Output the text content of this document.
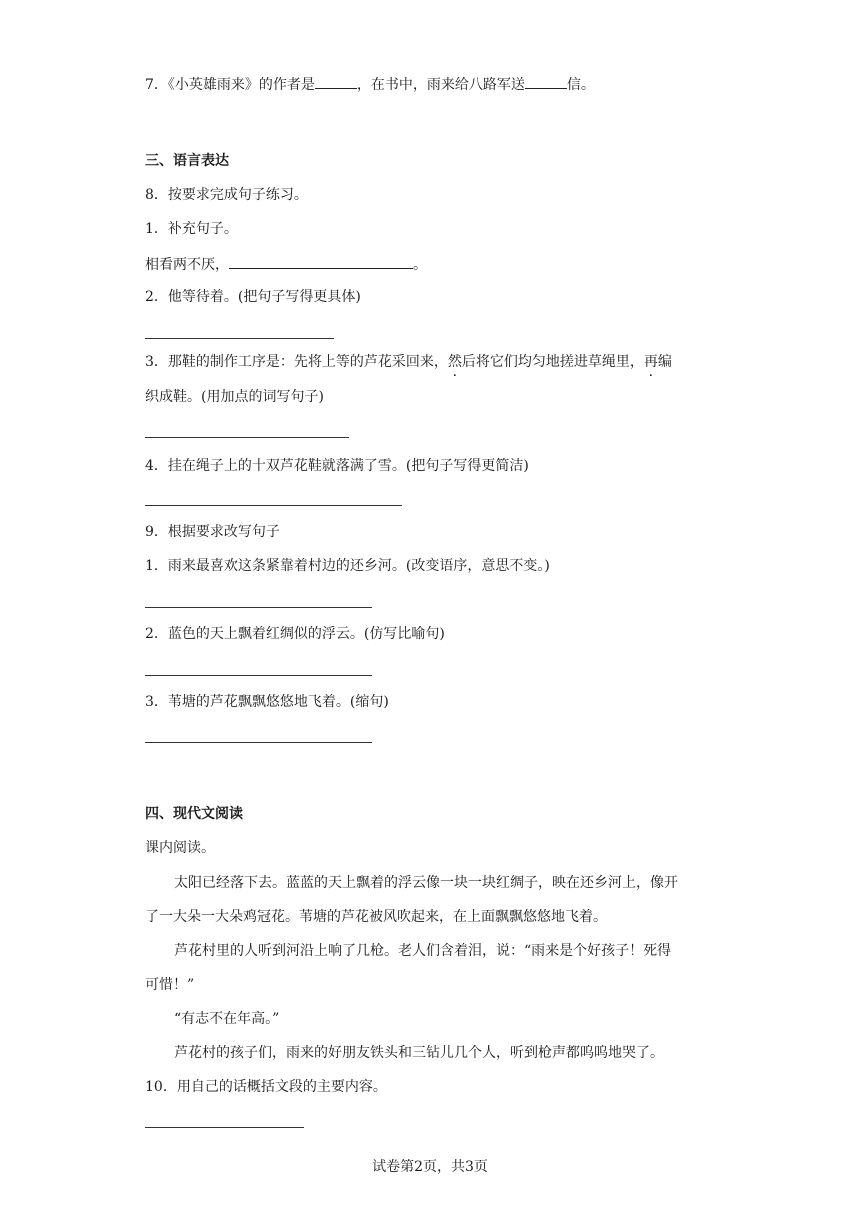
7．《小英雄雨来》的作者是	，在书中，雨来给八路军送	信。
三、语言表达
8．按要求完成句子练习。
1．补充句子。
相看两不厌，	。
2．他等待着。(把句子写得更具体)
3．那鞋的制作工序是：先将上等的芦花采回来，然后将它们均匀地搓进草绳里，再编
织成鞋。(用加点的词写句子)
4．挂在绳子上的十双芦花鞋就落满了雪。(把句子写得更简洁)
9．根据要求改写句子
1．雨来最喜欢这条紧靠着村边的还乡河。(改变语序，意思不变。)
2．蓝色的天上飘着红绸似的浮云。(仿写比喻句)
3．苇塘的芦花飘飘悠悠地飞着。(缩句)
四、现代文阅读
课内阅读。
太阳已经落下去。蓝蓝的天上飘着的浮云像一块一块红绸子，映在还乡河上，像开
了一大朵一大朵鸡冠花。苇塘的芦花被风吹起来，在上面飘飘悠悠地飞着。
芦花村里的人听到河沿上响了几枪。老人们含着泪，说：“雨来是个好孩子！死得
可惜！”
“有志不在年高。”
芦花村的孩子们，雨来的好朋友铁头和三钻儿几个人，听到枪声都呜呜地哭了。
10．用自己的话概括文段的主要内容。
试卷第2页，共3页
